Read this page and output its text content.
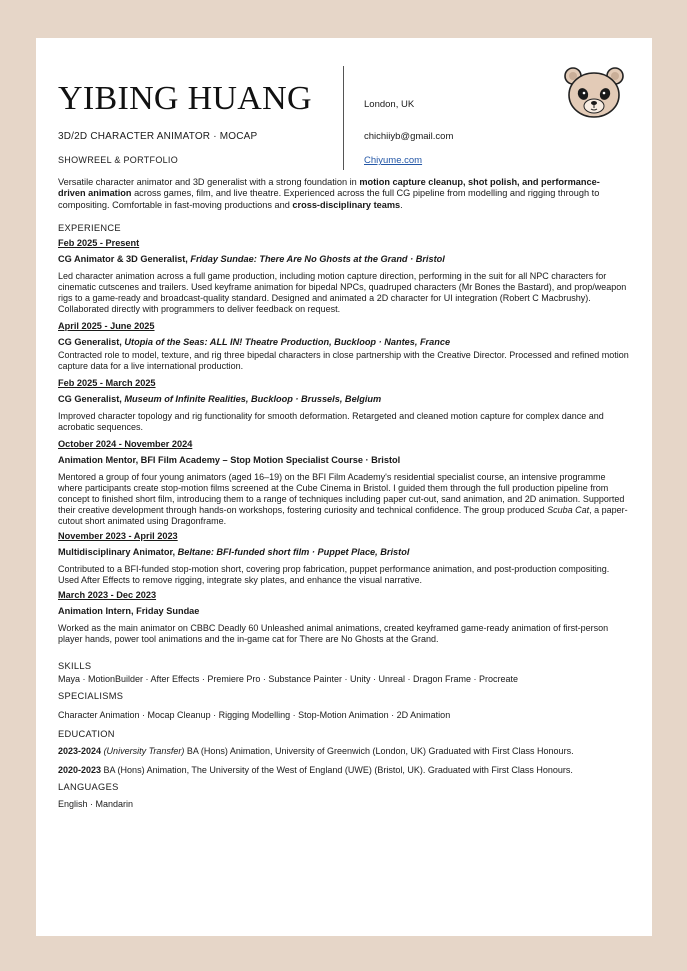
YIBING HUANG
3D/2D CHARACTER ANIMATOR · MOCAP
SHOWREEL & PORTFOLIO
London, UK
chichiiyb@gmail.com
Chiyume.com
Versatile character animator and 3D generalist with a strong foundation in motion capture cleanup, shot polish, and performance-driven animation across games, film, and live theatre. Experienced across the full CG pipeline from modelling and rigging through to compositing. Comfortable in fast-moving productions and cross-disciplinary teams.
EXPERIENCE
Feb 2025 - Present
CG Animator & 3D Generalist, Friday Sundae: There Are No Ghosts at the Grand · Bristol
Led character animation across a full game production, including motion capture direction, performing in the suit for all NPC characters for cinematic cutscenes and trailers. Used keyframe animation for bipedal NPCs, quadruped characters (Mr Bones the Bastard), and prop/weapon rigs to a game-ready and broadcast-quality standard. Designed and animated a 2D character for UI integration (Robert C Macbrushy). Collaborated directly with programmers to deliver feedback on request.
April 2025 - June 2025
CG Generalist, Utopia of the Seas: ALL IN! Theatre Production, Buckloop · Nantes, France
Contracted role to model, texture, and rig three bipedal characters in close partnership with the Creative Director. Processed and refined motion capture data for a live international production.
Feb 2025 - March 2025
CG Generalist, Museum of Infinite Realities, Buckloop · Brussels, Belgium
Improved character topology and rig functionality for smooth deformation. Retargeted and cleaned motion capture for complex dance and acrobatic sequences.
October 2024 - November 2024
Animation Mentor, BFI Film Academy – Stop Motion Specialist Course · Bristol
Mentored a group of four young animators (aged 16–19) on the BFI Film Academy's residential specialist course, an intensive programme where participants create stop-motion films screened at the Cube Cinema in Bristol. I guided them through the full production pipeline from concept to finished short film, introducing them to a range of techniques including paper cut-out, sand animation, and 2D animation. Supported their creative development through hands-on workshops, fostering curiosity and technical confidence. The group produced Scuba Cat, a paper-cutout short animated using Dragonframe.
November 2023 - April 2023
Multidisciplinary Animator, Beltane: BFI-funded short film · Puppet Place, Bristol
Contributed to a BFI-funded stop-motion short, covering prop fabrication, puppet performance animation, and post-production compositing. Used After Effects to remove rigging, integrate sky plates, and enhance the visual narrative.
March 2023 - Dec 2023
Animation Intern, Friday Sundae
Worked as the main animator on CBBC Deadly 60 Unleashed animal animations, created keyframed game-ready animation of first-person player hands, power tool animations and the in-game cat for There are No Ghosts at the Grand.
SKILLS
Maya · MotionBuilder · After Effects · Premiere Pro · Substance Painter · Unity · Unreal · Dragon Frame · Procreate
SPECIALISMS
Character Animation · Mocap Cleanup · Rigging Modelling · Stop-Motion Animation · 2D Animation
EDUCATION
2023-2024 (University Transfer) BA (Hons) Animation, University of Greenwich (London, UK) Graduated with First Class Honours.
2020-2023 BA (Hons) Animation, The University of the West of England (UWE) (Bristol, UK). Graduated with First Class Honours.
LANGUAGES
English · Mandarin
